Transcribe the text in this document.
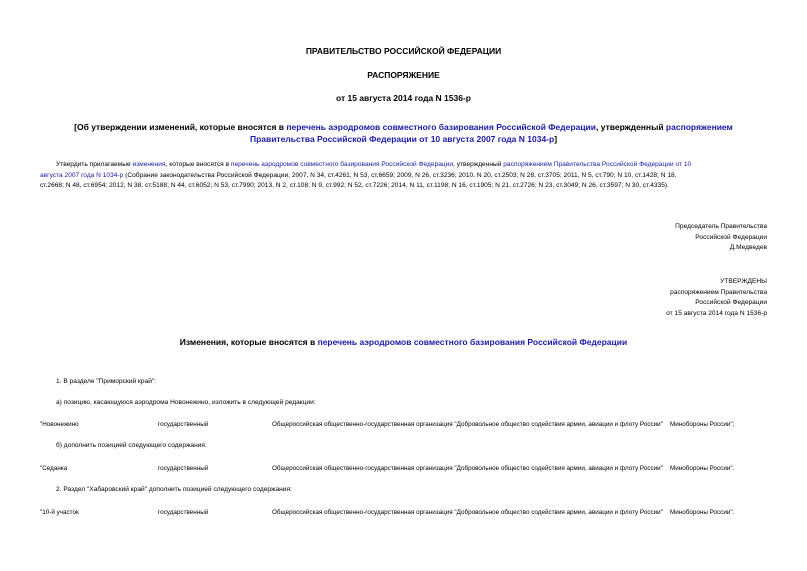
ПРАВИТЕЛЬСТВО РОССИЙСКОЙ ФЕДЕРАЦИИ
РАСПОРЯЖЕНИЕ
от 15 августа 2014 года N 1536-р
[Об утверждении изменений, которые вносятся в перечень аэродромов совместного базирования Российской Федерации, утвержденный распоряжением
Правительства Российской Федерации от 10 августа 2007 года N 1034-р]
Утвердить прилагаемые изменения, которые вносятся в перечень аэродромов совместного базирования Российской Федерации, утвержденный распоряжением Правительства Российской Федерации от 10
августа 2007 года N 1034-р (Собрание законодательства Российской Федерации, 2007, N 34, ст.4261; N 53, ст.6659; 2009, N 26, ст.3236; 2010, N 20, ст.2503; N 28, ст.3705; 2011, N 5, ст.790; N 10, ст.1428; N 18,
ст.2668; N 48, ст.6954; 2012, N 38, ст.5188; N 44, ст.6052; N 53, ст.7990; 2013, N 2, ст.108; N 9, ст.992; N 52, ст.7226; 2014, N 11, ст.1198; N 16, ст.1905; N 21, ст.2726; N 23, ст.3049; N 26, ст.3597; N 30, ст.4335).
Председатель Правительства
Российской Федерации
Д.Медведев
УТВЕРЖДЕНЫ
распоряжением Правительства
Российской Федерации
от 15 августа 2014 года N 1536-р
Изменения, которые вносятся в перечень аэродромов совместного базирования Российской Федерации
1. В разделе "Приморский край":
а) позицию, касающуюся аэродрома Новонежино, изложить в следующей редакции:
"Новонежино	государственный	Общероссийская общественно-государственная организация "Добровольное общество содействия армии, авиации и флоту России"	Минобороны России";
б) дополнить позицией следующего содержания:
"Седанка	государственный	Общероссийская общественно-государственная организация "Добровольное общество содействия армии, авиации и флоту России"	Минобороны России".
2. Раздел "Хабаровский край" дополнить позицией следующего содержания:
"10-й участок	государственный	Общероссийская общественно-государственная организация "Добровольное общество содействия армии, авиации и флоту России"	Минобороны России".
